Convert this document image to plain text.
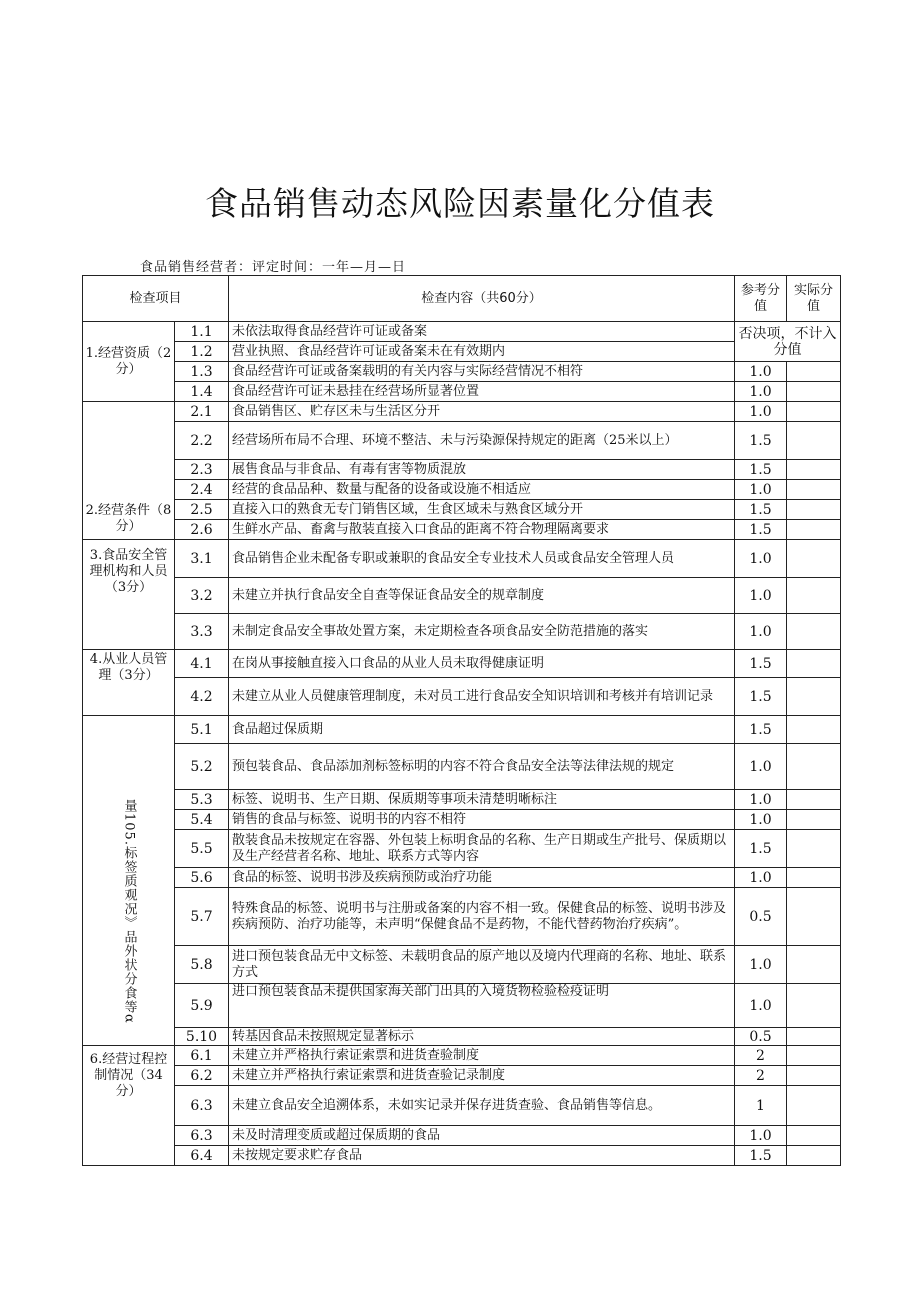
食品销售动态风险因素量化分值表
食品销售经营者：评定时间：一年—月—日
检查项目		检查内容（共60分）	参考分值	实际分值
1.经营资质（2分）	1.1	未依法取得食品经营许可证或备案	否决项，不计入分值	
	1.2	营业执照、食品经营许可证或备案未在有效期内		
	1.3	食品经营许可证或备案载明的有关内容与实际经营情况不相符	1.0	
	1.4	食品经营许可证未悬挂在经营场所显著位置	1.0	
2.经营条件（8分）	2.1	食品销售区、贮存区未与生活区分开	1.0	
	2.2	经营场所布局不合理、环境不整洁、未与污染源保持规定的距离（25米以上）	1.5	
	2.3	展售食品与非食品、有毒有害等物质混放	1.5	
	2.4	经营的食品品种、数量与配备的设备或设施不相适应	1.0	
	2.5	直接入口的熟食无专门销售区域，生食区域未与熟食区域分开	1.5	
	2.6	生鲜水产品、畜禽与散装直接入口食品的距离不符合物理隔离要求	1.5	
3.食品安全管理机构和人员（3分）	3.1	食品销售企业未配备专职或兼职的食品安全专业技术人员或食品安全管理人员	1.0	
	3.2	未建立并执行食品安全自查等保证食品安全的规章制度	1.0	
	3.3	未制定食品安全事故处置方案，未定期检查各项食品安全防范措施的落实	1.0	
4.从业人员管理（3分）	4.1	在岗从事接触直接入口食品的从业人员未取得健康证明	1.5	
	4.2	未建立从业人员健康管理制度，未对员工进行食品安全知识培训和考核并有培训记录	1.5	

量105.标签质观况》品外状分食等α	5.1	食品超过保质期	1.5	
	5.2	预包装食品、食品添加剂标签标明的内容不符合食品安全法等法律法规的规定	1.0	
	5.3	标签、说明书、生产日期、保质期等事项未清楚明晰标注	1.0	
	5.4	销售的食品与标签、说明书的内容不相符	1.0	
	5.5	散装食品未按规定在容器、外包装上标明食品的名称、生产日期或生产批号、保质期以及生产经营者名称、地址、联系方式等内容	1.5	
	5.6	食品的标签、说明书涉及疾病预防或治疗功能	1.0	
	5.7	特殊食品的标签、说明书与注册或备案的内容不相一致。保健食品的标签、说明书涉及疾病预防、治疗功能等，未声明“保健食品不是药物，不能代替药物治疗疾病”。	0.5	
	5.8	进口预包装食品无中文标签、未载明食品的原产地以及境内代理商的名称、地址、联系方式	1.0	
	5.9	进口预包装食品未提供国家海关部门出具的入境货物检验检疫证明	1.0	
	5.10	转基因食品未按照规定显著标示	0.5	
6.经营过程控制情况（34分）	6.1	未建立并严格执行索证索票和进货查验制度	2	
	6.2	未建立并严格执行索证索票和进货查验记录制度	2	
	6.3	未建立食品安全追溯体系，未如实记录并保存进货查验、食品销售等信息。	1	
	6.3	未及时清理变质或超过保质期的食品	1.0	
	6.4	未按规定要求贮存食品	1.5	
